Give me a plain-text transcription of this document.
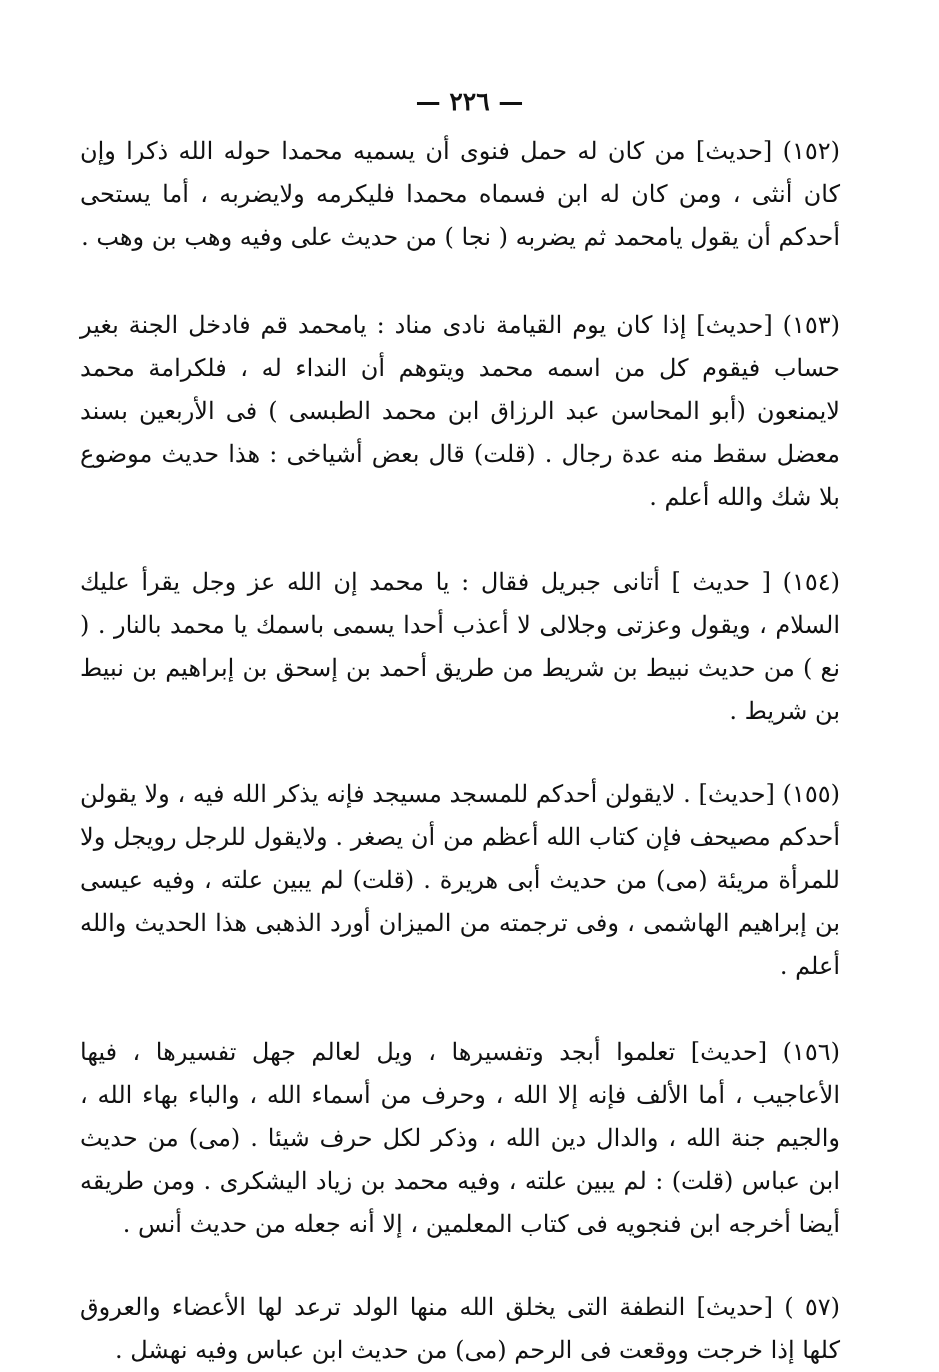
— ٢٢٦ —

(١٥٢) [حديث] من كان له حمل فنوى أن يسميه محمدا حوله الله ذكرا وإن كان أنثى ، ومن كان له ابن فسماه محمدا فليكرمه ولايضربه ، أما يستحى أحدكم أن يقول يامحمد ثم يضربه ( نجا ) من حديث على وفيه وهب بن وهب .

(١٥٣) [حديث] إذا كان يوم القيامة نادى مناد : يامحمد قم فادخل الجنة بغير حساب فيقوم كل من اسمه محمد ويتوهم أن النداء له ، فلكرامة محمد لايمنعون (أبو المحاسن عبد الرزاق ابن محمد الطبسى ) فى الأربعين بسند معضل سقط منه عدة رجال . (قلت) قال بعض أشياخى : هذا حديث موضوع بلا شك والله أعلم .

(١٥٤) [ حديث ] أتانى جبريل فقال : يا محمد إن الله عز وجل يقرأ عليك السلام ، ويقول وعزتى وجلالى لا أعذب أحدا يسمى باسمك يا محمد بالنار . ( نع ) من حديث نبيط بن شريط من طريق أحمد بن إسحق بن إبراهيم بن نبيط بن شريط .

(١٥٥) [حديث] . لايقولن أحدكم للمسجد مسيجد فإنه يذكر الله فيه ، ولا يقولن أحدكم مصيحف فإن كتاب الله أعظم من أن يصغر . ولايقول للرجل رويجل ولا للمرأة مريئة (مى) من حديث أبى هريرة . (قلت) لم يبين علته ، وفيه عيسى بن إبراهيم الهاشمى ، وفى ترجمته من الميزان أورد الذهبى هذا الحديث والله أعلم .

(١٥٦) [حديث] تعلموا أبجد وتفسيرها ، ويل لعالم جهل تفسيرها ، فيها الأعاجيب ، أما الألف فإنه إلا الله ، وحرف من أسماء الله ، والباء بهاء الله ، والجيم جنة الله ، والدال دين الله ، وذكر لكل حرف شيئا . (مى) من حديث ابن عباس (قلت) : لم يبين علته ، وفيه محمد بن زياد اليشكرى . ومن طريقه أيضا أخرجه ابن فنجويه فى كتاب المعلمين ، إلا أنه جعله من حديث أنس .

(٥٧ ) [حديث] النطفة التى يخلق الله منها الولد ترعد لها الأعضاء والعروق كلها إذا خرجت ووقعت فى الرحم (مى) من حديث ابن عباس وفيه نهشل .
